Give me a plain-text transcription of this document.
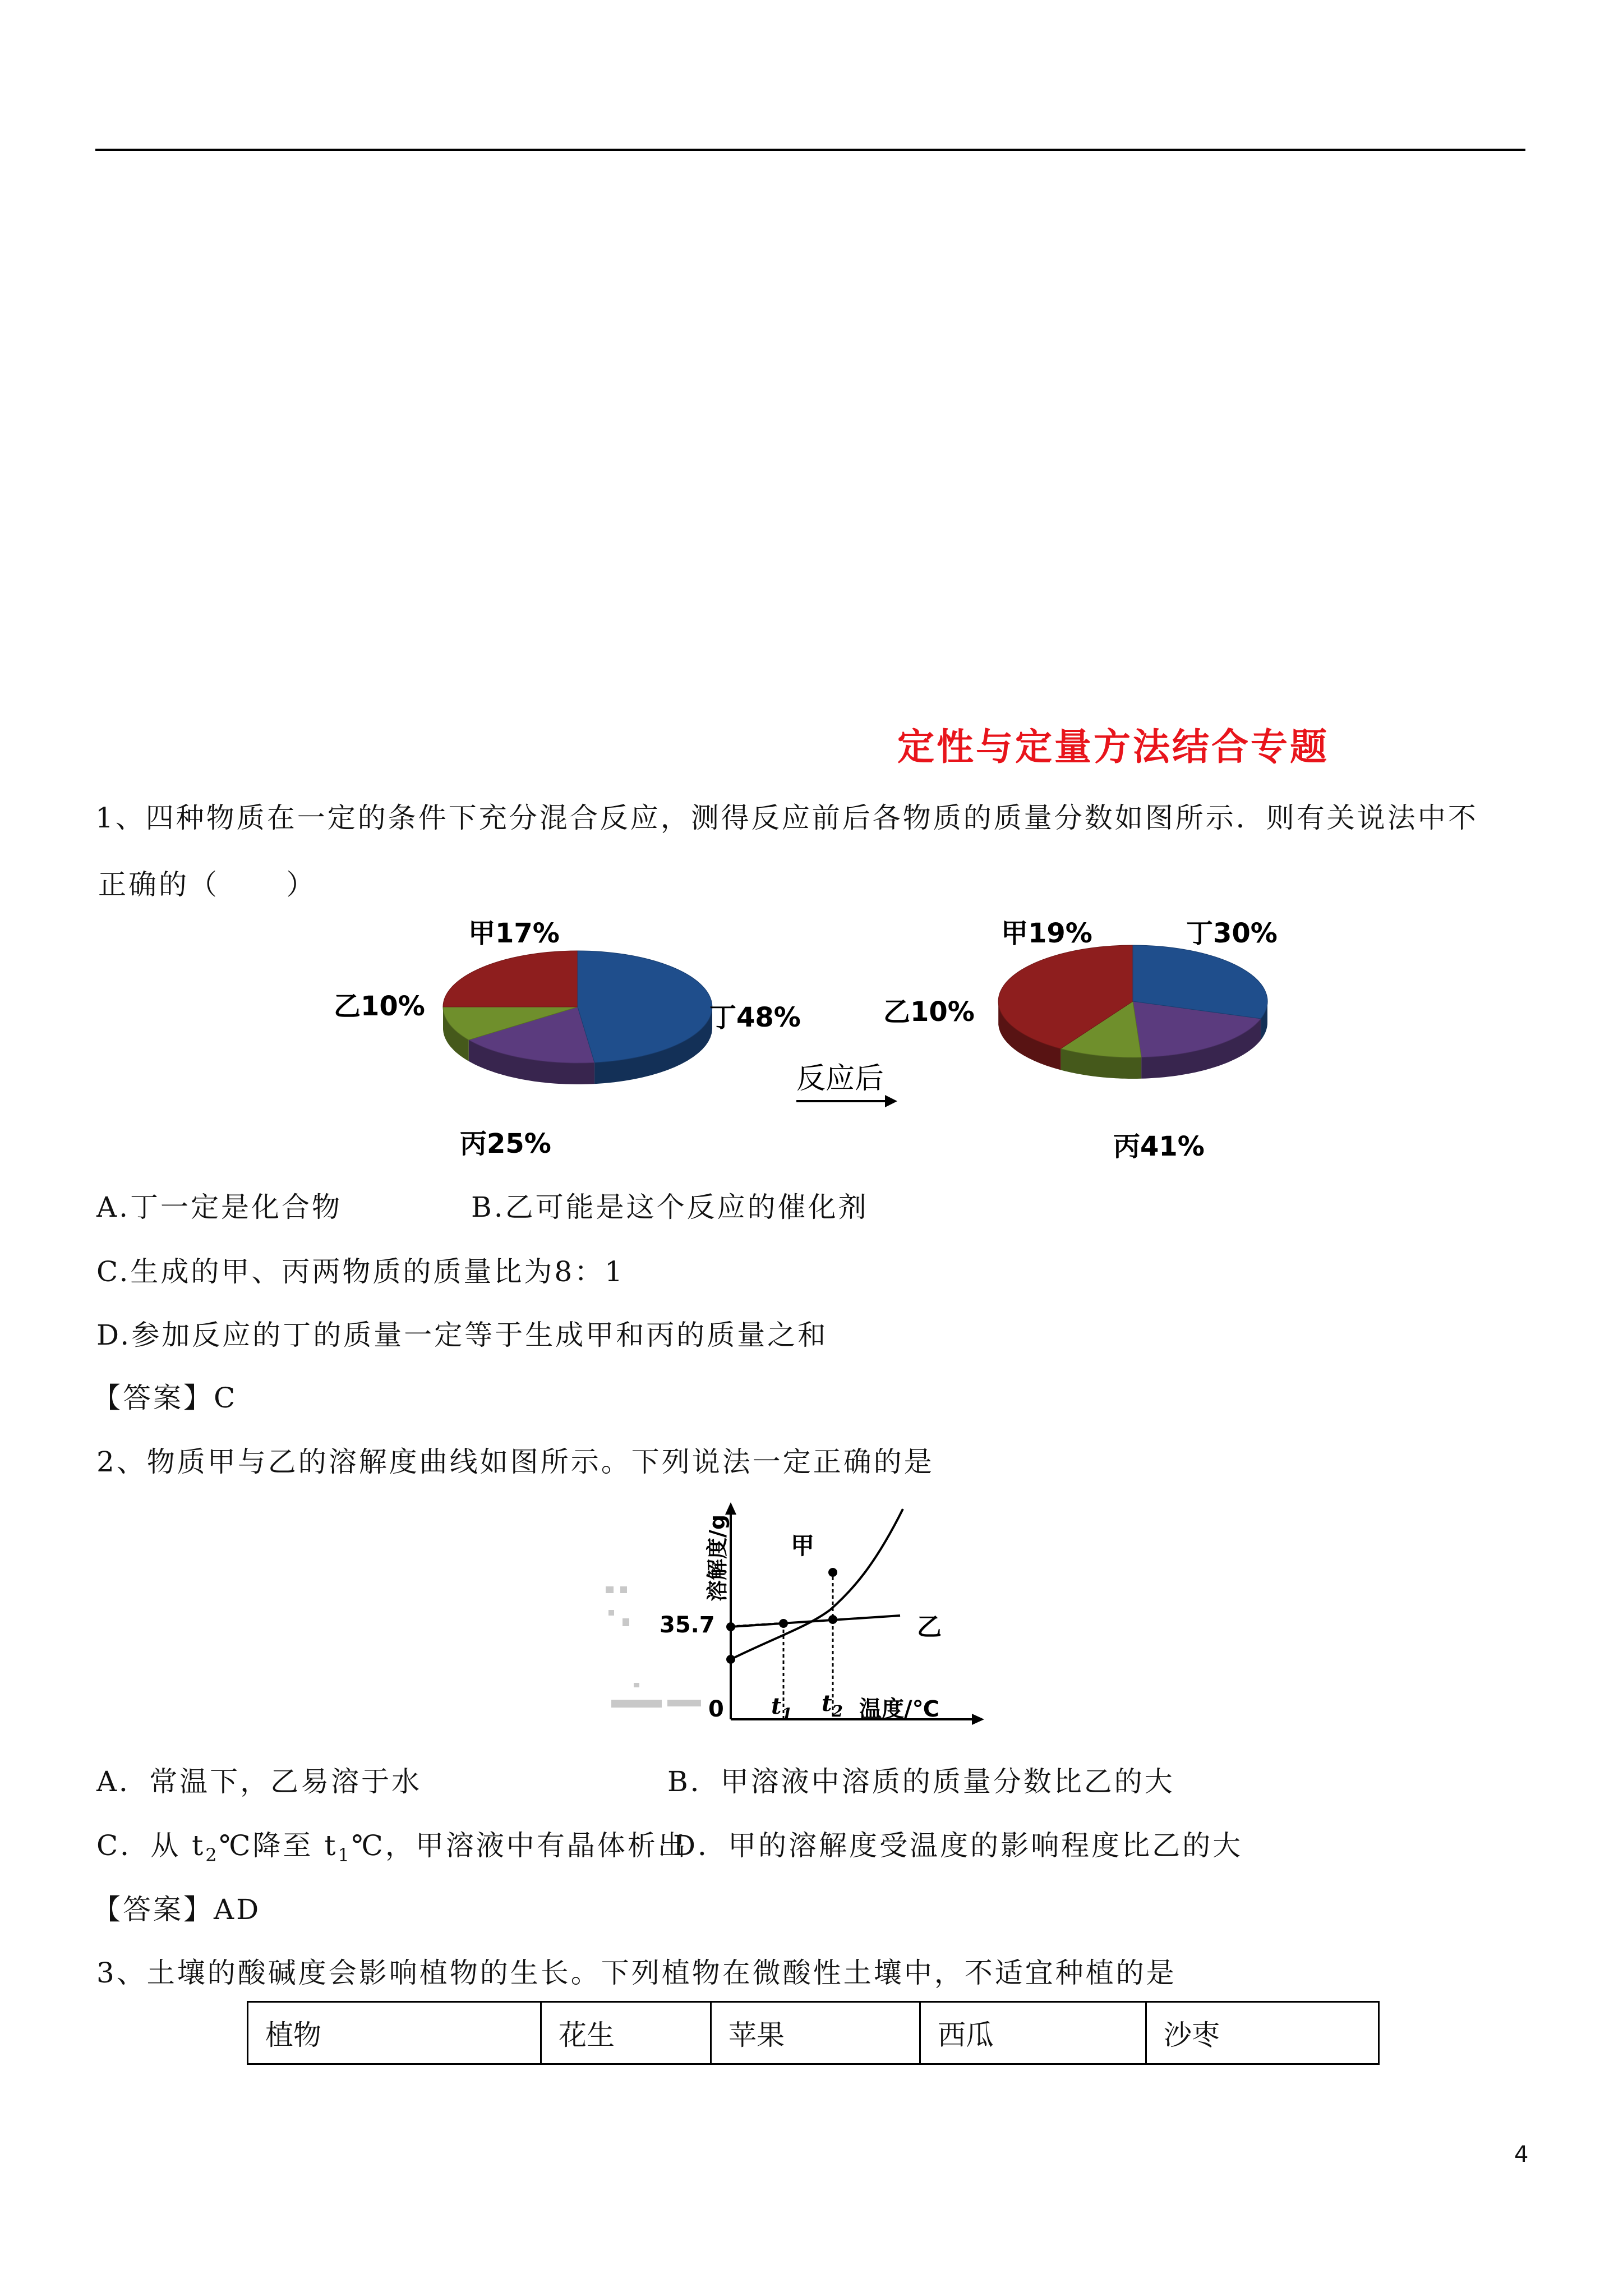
定性与定量方法结合专题
1、四种物质在一定的条件下充分混合反应，测得反应前后各物质的质量分数如图所示．则有关说法中不
正确的（      ）
反应后
甲17%
乙10%
丙25%
丁48%
甲19%
乙10%
丙41%
丁30%
A.丁一定是化合物	B.乙可能是这个反应的催化剂
C.生成的甲、丙两物质的质量比为8：1
D.参加反应的丁的质量一定等于生成甲和丙的质量之和
【答案】C
2、物质甲与乙的溶解度曲线如图所示。下列说法一定正确的是
35.7
0
甲
乙
$t_1$ $t_2$ 温度/℃
溶解度/g
A．常温下，乙易溶于水	B．甲溶液中溶质的质量分数比乙的大
C．从 $t_2℃$降至 $t_1℃$，甲溶液中有晶体析出
D．甲的溶解度受温度的影响程度比乙的大
【答案】AD
3、土壤的酸碱度会影响植物的生长。下列植物在微酸性土壤中，不适宜种植的是
植物	花生	苹果	西瓜	沙枣
4
